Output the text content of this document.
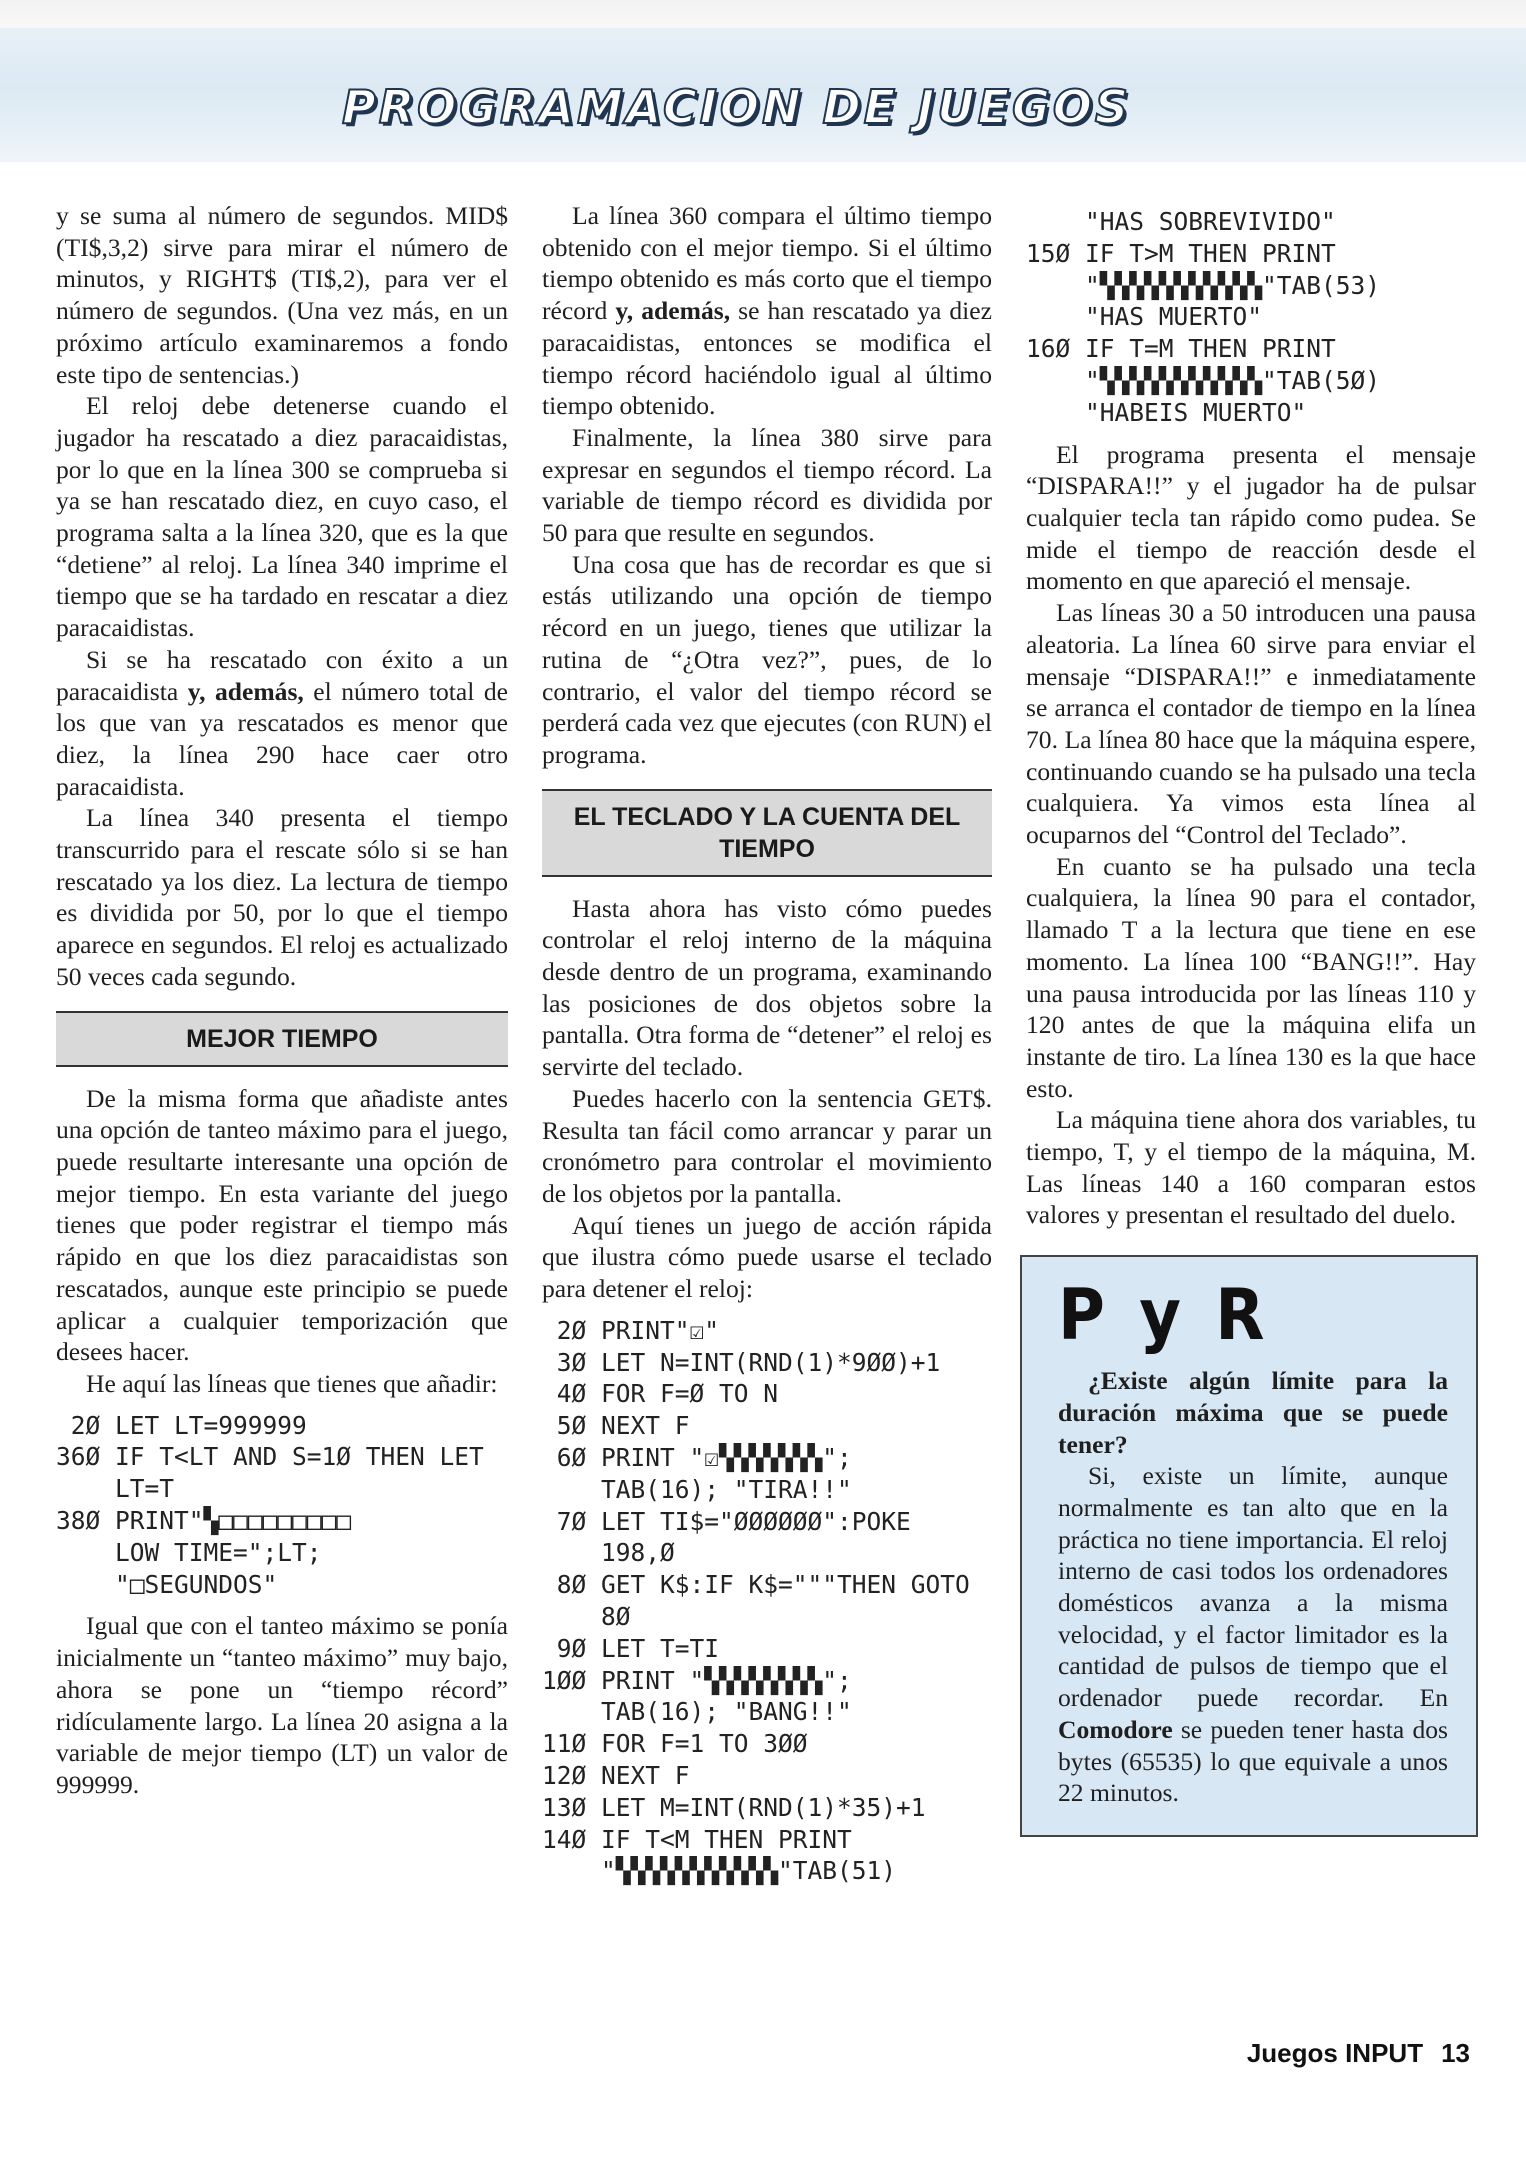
PROGRAMACION DE JUEGOS

y se suma al número de segundos. MID$ (TI$,3,2) sirve para mirar el número de minutos, y RIGHT$ (TI$,2), para ver el número de segundos. (Una vez más, en un próximo artículo examinaremos a fondo este tipo de sentencias.)

El reloj debe detenerse cuando el jugador ha rescatado a diez paracaidistas, por lo que en la línea 300 se comprueba si ya se han rescatado diez, en cuyo caso, el programa salta a la línea 320, que es la que “detiene” al reloj. La línea 340 imprime el tiempo que se ha tardado en rescatar a diez paracaidistas.

Si se ha rescatado con éxito a un paracaidista y, además, el número total de los que van ya rescatados es menor que diez, la línea 290 hace caer otro paracaidista.

La línea 340 presenta el tiempo transcurrido para el rescate sólo si se han rescatado ya los diez. La lectura de tiempo es dividida por 50, por lo que el tiempo aparece en segundos. El reloj es actualizado 50 veces cada segundo.

MEJOR TIEMPO

De la misma forma que añadiste antes una opción de tanteo máximo para el juego, puede resultarte interesante una opción de mejor tiempo. En esta variante del juego tienes que poder registrar el tiempo más rápido en que los diez paracaidistas son rescatados, aunque este principio se puede aplicar a cualquier temporización que desees hacer.

He aquí las líneas que tienes que añadir:

2Ø LET LT=999999
36Ø IF T<LT AND S=1Ø THEN LET
LT=T
38Ø PRINT"▚□□□□□□□□□
LOW TIME=";LT;
"□SEGUNDOS"

Igual que con el tanteo máximo se ponía inicialmente un “tanteo máximo” muy bajo, ahora se pone un “tiempo récord” ridículamente largo. La línea 20 asigna a la variable de mejor tiempo (LT) un valor de 999999.

La línea 360 compara el último tiempo obtenido con el mejor tiempo. Si el último tiempo obtenido es más corto que el tiempo récord y, además, se han rescatado ya diez paracaidistas, entonces se modifica el tiempo récord haciéndolo igual al último tiempo obtenido.

Finalmente, la línea 380 sirve para expresar en segundos el tiempo récord. La variable de tiempo récord es dividida por 50 para que resulte en segundos.

Una cosa que has de recordar es que si estás utilizando una opción de tiempo récord en un juego, tienes que utilizar la rutina de “¿Otra vez?”, pues, de lo contrario, el valor del tiempo récord se perderá cada vez que ejecutes (con RUN) el programa.

EL TECLADO Y LA CUENTA DEL TIEMPO

Hasta ahora has visto cómo puedes controlar el reloj interno de la máquina desde dentro de un programa, examinando las posiciones de dos objetos sobre la pantalla. Otra forma de “detener” el reloj es servirte del teclado.

Puedes hacerlo con la sentencia GET$. Resulta tan fácil como arrancar y parar un cronómetro para controlar el movimiento de los objetos por la pantalla.

Aquí tienes un juego de acción rápida que ilustra cómo puede usarse el teclado para detener el reloj:

2Ø PRINT"☑"
3Ø LET N=INT(RND(1)*9ØØ)+1
4Ø FOR F=Ø TO N
5Ø NEXT F
6Ø PRINT "☑▚▚▚▚▚▚▚";
TAB(16); "TIRA!!"
7Ø LET TI$="ØØØØØØ":POKE
198,Ø
8Ø GET K$:IF K$="""THEN GOTO
8Ø
9Ø LET T=TI
1ØØ PRINT "▚▚▚▚▚▚▚▚";
TAB(16); "BANG!!"
11Ø FOR F=1 TO 3ØØ
12Ø NEXT F
13Ø LET M=INT(RND(1)*35)+1
14Ø IF T<M THEN PRINT
"▚▚▚▚▚▚▚▚▚▚▚"TAB(51)
"HAS SOBREVIVIDO"
15Ø IF T>M THEN PRINT
"▚▚▚▚▚▚▚▚▚▚▚"TAB(53)
"HAS MUERTO"
16Ø IF T=M THEN PRINT
"▚▚▚▚▚▚▚▚▚▚▚"TAB(5Ø)
"HABEIS MUERTO"

El programa presenta el mensaje “DISPARA!!” y el jugador ha de pulsar cualquier tecla tan rápido como pudea. Se mide el tiempo de reacción desde el momento en que apareció el mensaje.

Las líneas 30 a 50 introducen una pausa aleatoria. La línea 60 sirve para enviar el mensaje “DISPARA!!” e inmediatamente se arranca el contador de tiempo en la línea 70. La línea 80 hace que la máquina espere, continuando cuando se ha pulsado una tecla cualquiera. Ya vimos esta línea al ocuparnos del “Control del Teclado”.

En cuanto se ha pulsado una tecla cualquiera, la línea 90 para el contador, llamado T a la lectura que tiene en ese momento. La línea 100 “BANG!!”. Hay una pausa introducida por las líneas 110 y 120 antes de que la máquina elifa un instante de tiro. La línea 130 es la que hace esto.

La máquina tiene ahora dos variables, tu tiempo, T, y el tiempo de la máquina, M. Las líneas 140 a 160 comparan estos valores y presentan el resultado del duelo.

P y R

¿Existe algún límite para la duración máxima que se puede tener?

Si, existe un límite, aunque normalmente es tan alto que en la práctica no tiene importancia. El reloj interno de casi todos los ordenadores domésticos avanza a la misma velocidad, y el factor limitador es la cantidad de pulsos de tiempo que el ordenador puede recordar. En Comodore se pueden tener hasta dos bytes (65535) lo que equivale a unos 22 minutos.

Juegos INPUT 13
